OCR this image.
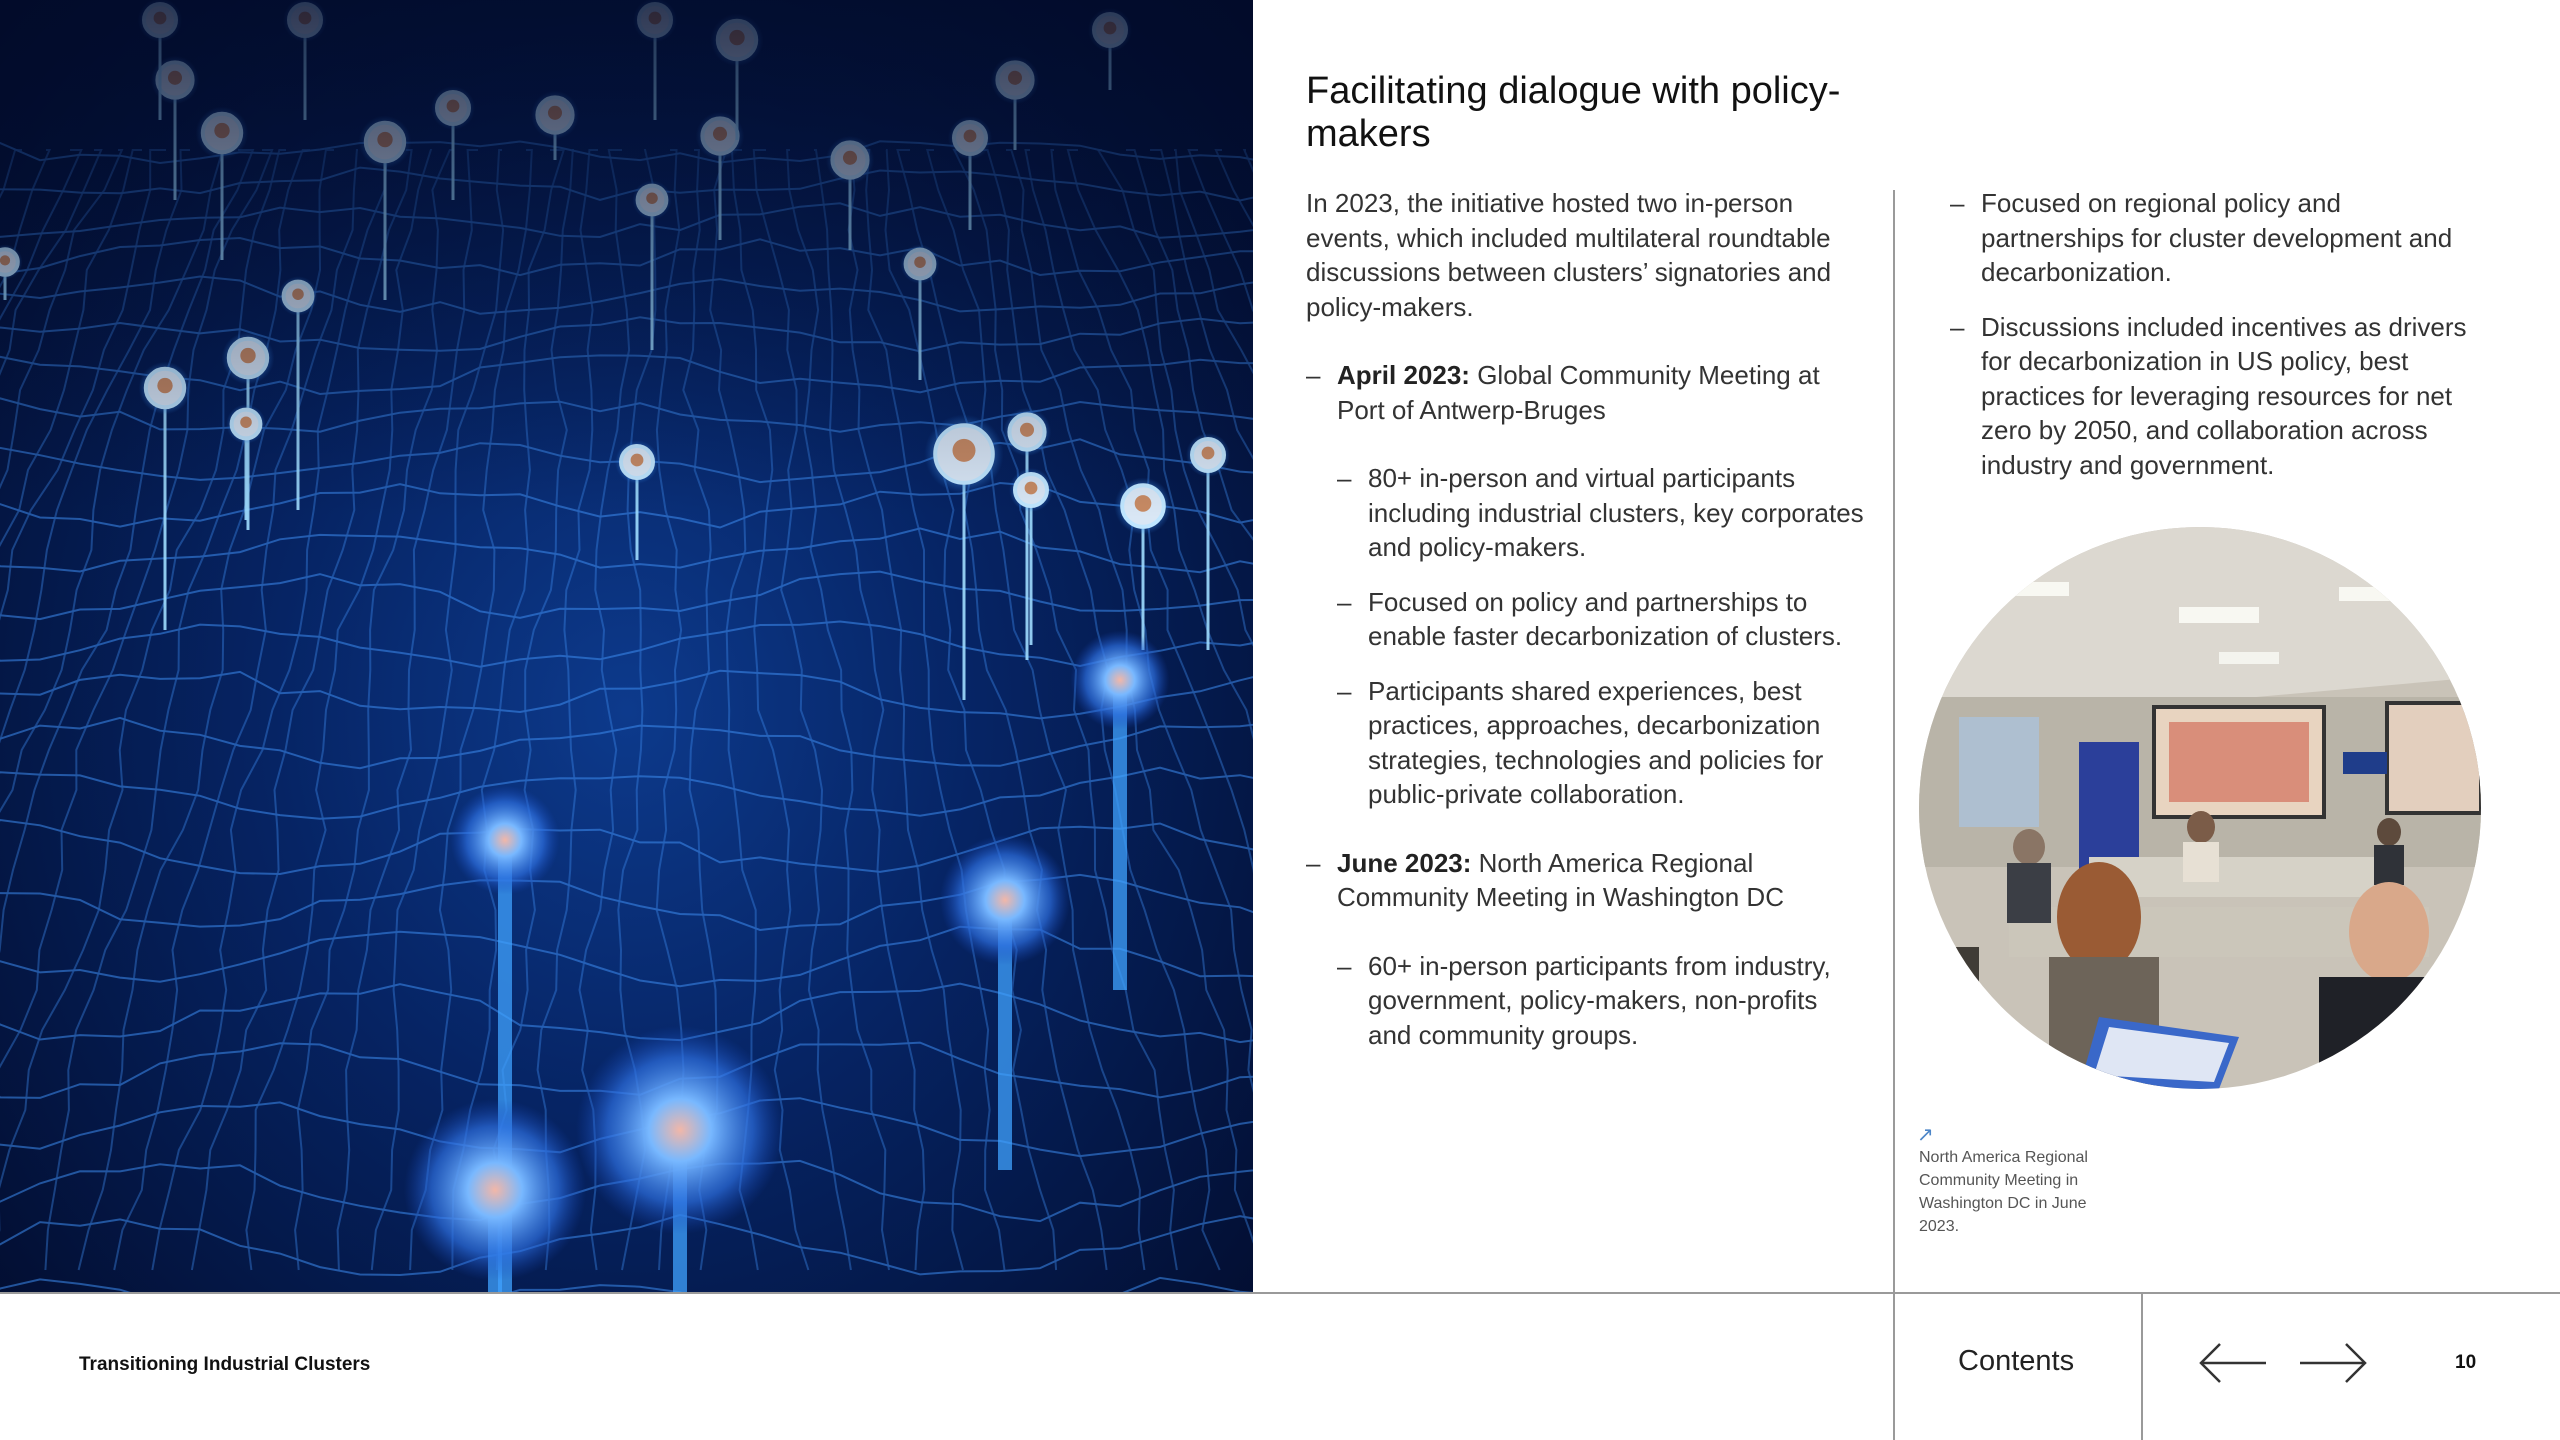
Facilitating dialogue with policy-makers

In 2023, the initiative hosted two in-person events, which included multilateral roundtable discussions between clusters’ signatories and policy-makers.

– April 2023: Global Community Meeting at Port of Antwerp-Bruges
– 80+ in-person and virtual participants including industrial clusters, key corporates and policy-makers.
– Focused on policy and partnerships to enable faster decarbonization of clusters.
– Participants shared experiences, best practices, approaches, decarbonization strategies, technologies and policies for public-private collaboration.
– June 2023: North America Regional Community Meeting in Washington DC
– 60+ in-person participants from industry, government, policy-makers, non-profits and community groups.
– Focused on regional policy and partnerships for cluster development and decarbonization.
– Discussions included incentives as drivers for decarbonization in US policy, best practices for leveraging resources for net zero by 2050, and collaboration across industry and government.
↗
North America Regional Community Meeting in Washington DC in June 2023.
Transitioning Industrial Clusters	Contents	10
